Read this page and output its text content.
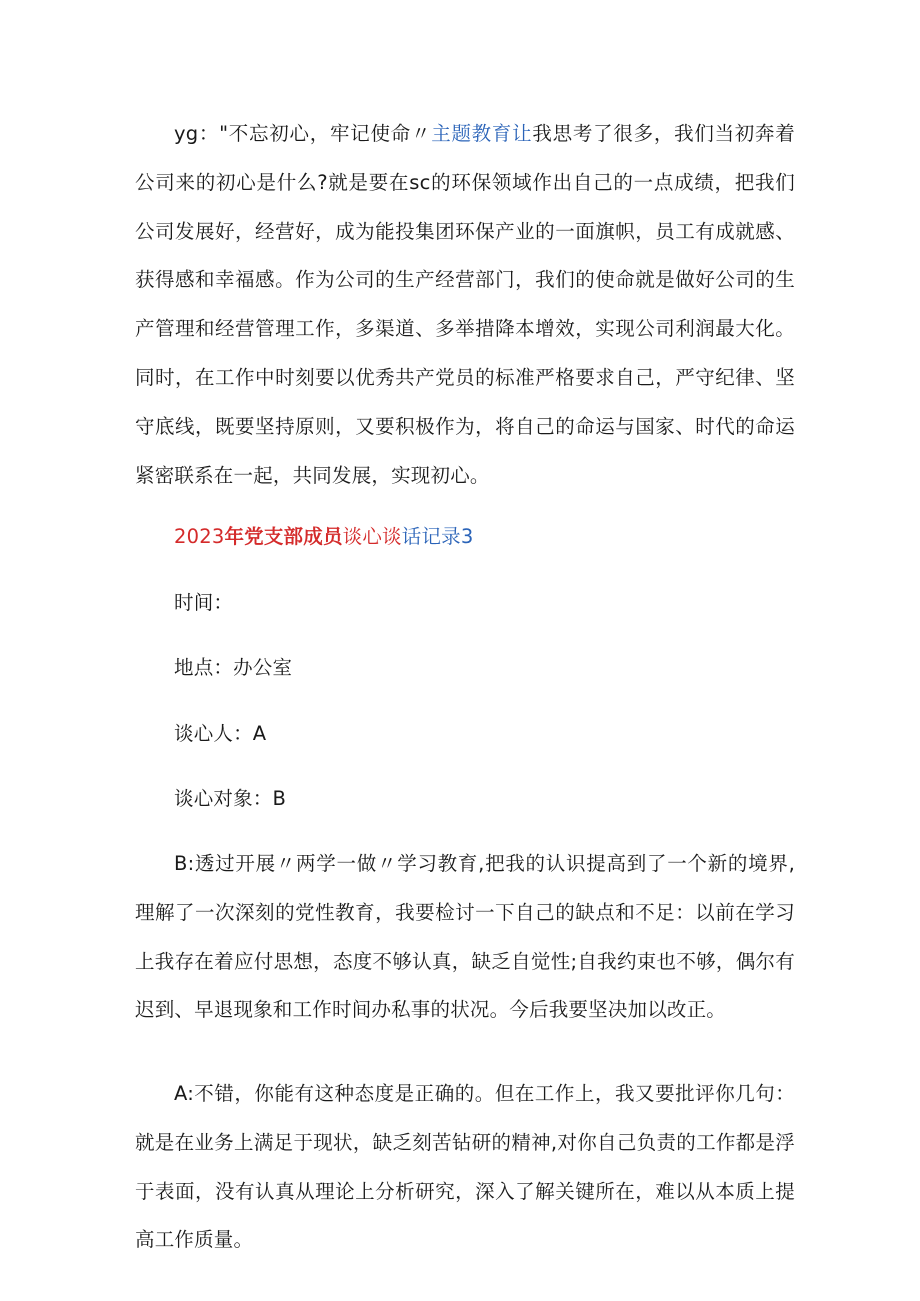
yg："不忘初心，牢记使命〃主题教育让我思考了很多，我们当初奔着公司来的初心是什么?就是要在sc的环保领域作出自己的一点成绩，把我们公司发展好，经营好，成为能投集团环保产业的一面旗帜，员工有成就感、获得感和幸福感。作为公司的生产经营部门，我们的使命就是做好公司的生产管理和经营管理工作，多渠道、多举措降本增效，实现公司利润最大化。同时，在工作中时刻要以优秀共产党员的标准严格要求自己，严守纪律、坚守底线，既要坚持原则，又要积极作为，将自己的命运与国家、时代的命运紧密联系在一起，共同发展，实现初心。

2023年党支部成员谈心谈话记录3

时间：

地点：办公室

谈心人：A

谈心对象：B

B:透过开展〃两学一做〃学习教育,把我的认识提高到了一个新的境界,理解了一次深刻的党性教育，我要检讨一下自己的缺点和不足：以前在学习上我存在着应付思想，态度不够认真，缺乏自觉性;自我约束也不够，偶尔有迟到、早退现象和工作时间办私事的状况。今后我要坚决加以改正。

A:不错，你能有这种态度是正确的。但在工作上，我又要批评你几句：就是在业务上满足于现状，缺乏刻苦钻研的精神,对你自己负责的工作都是浮于表面，没有认真从理论上分析研究，深入了解关键所在，难以从本质上提高工作质量。
